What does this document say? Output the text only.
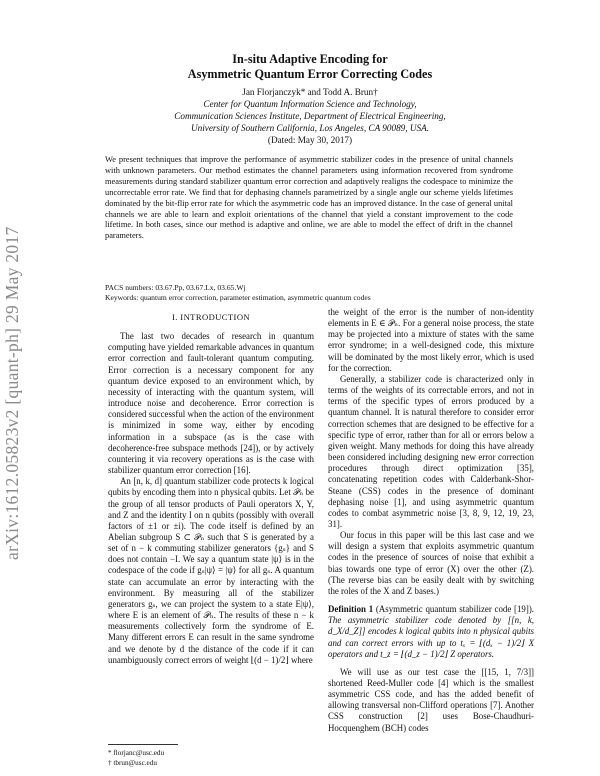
arXiv:1612.05823v2 [quant-ph] 29 May 2017
In-situ Adaptive Encoding for
Asymmetric Quantum Error Correcting Codes
Jan Florjanczyk* and Todd A. Brun†
Center for Quantum Information Science and Technology,
Communication Sciences Institute, Department of Electrical Engineering,
University of Southern California, Los Angeles, CA 90089, USA.
(Dated: May 30, 2017)
We present techniques that improve the performance of asymmetric stabilizer codes in the presence of unital channels with unknown parameters. Our method estimates the channel parameters using information recovered from syndrome measurements during standard stabilizer quantum error correction and adaptively realigns the codespace to minimize the uncorrectable error rate. We find that for dephasing channels parametrized by a single angle our scheme yields lifetimes dominated by the bit-flip error rate for which the asymmetric code has an improved distance. In the case of general unital channels we are able to learn and exploit orientations of the channel that yield a constant improvement to the code lifetime. In both cases, since our method is adaptive and online, we are able to model the effect of drift in the channel parameters.
PACS numbers: 03.67.Pp, 03.67.Lx, 03.65.Wj
Keywords: quantum error correction, parameter estimation, asymmetric quantum codes

I. INTRODUCTION

The last two decades of research in quantum computing have yielded remarkable advances in quantum error correction and fault-tolerant quantum computing. Error correction is a necessary component for any quantum device exposed to an environment which, by necessity of interacting with the quantum system, will introduce noise and decoherence. Error correction is considered successful when the action of the environment is minimized in some way, either by encoding information in a subspace (as is the case with decoherence-free subspace methods [24]), or by actively countering it via recovery operations as is the case with stabilizer quantum error correction [16].

An [n, k, d] quantum stabilizer code protects k logical qubits by encoding them into n physical qubits. Let 𝒫ₙ be the group of all tensor products of Pauli operators X, Y, and Z and the identity I on n qubits (possibly with overall factors of ±1 or ±i). The code itself is defined by an Abelian subgroup S ⊂ 𝒫ₙ such that S is generated by a set of n − k commuting stabilizer generators {gₛ} and S does not contain −I. We say a quantum state |ψ⟩ is in the codespace of the code if gₛ|ψ⟩ = |ψ⟩ for all gₛ. A quantum state can accumulate an error by interacting with the environment. By measuring all of the stabilizer generators gₛ, we can project the system to a state E|ψ⟩, where E is an element of 𝒫ₙ. The results of these n − k measurements collectively form the syndrome of E. Many different errors E can result in the same syndrome and we denote by d the distance of the code if it can unambiguously correct errors of weight ⌊(d − 1)/2⌋ where

the weight of the error is the number of non-identity elements in E ∈ 𝒫ₙ. For a general noise process, the state may be projected into a mixture of states with the same error syndrome; in a well-designed code, this mixture will be dominated by the most likely error, which is used for the correction.

Generally, a stabilizer code is characterized only in terms of the weights of its correctable errors, and not in terms of the specific types of errors produced by a quantum channel. It is natural therefore to consider error correction schemes that are designed to be effective for a specific type of error, rather than for all or errors below a given weight. Many methods for doing this have already been considered including designing new error correction procedures through direct optimization [35], concatenating repetition codes with Calderbank-Shor-Steane (CSS) codes in the presence of dominant dephasing noise [1], and using asymmetric quantum codes to combat asymmetric noise [3, 8, 9, 12, 19, 23, 31].

Our focus in this paper will be this last case and we will design a system that exploits asymmetric quantum codes in the presence of sources of noise that exhibit a bias towards one type of error (X) over the other (Z). (The reverse bias can be easily dealt with by switching the roles of the X and Z bases.)

Definition 1 (Asymmetric quantum stabilizer code [19]). The asymmetric stabilizer code denoted by [[n, k, d_X/d_Z]] encodes k logical qubits into n physical qubits and can correct errors with up to tₓ = ⌊(dₓ − 1)/2⌋ X operators and t_z = ⌊(d_z − 1)/2⌋ Z operators.

We will use as our test case the [[15, 1, 7/3]] shortened Reed-Muller code [4] which is the smallest asymmetric CSS code, and has the added benefit of allowing transversal non-Clifford operations [7]. Another CSS construction [2] uses Bose-Chaudhuri-Hocquenghem (BCH) codes

* florjanc@usc.edu
† tbrun@usc.edu
